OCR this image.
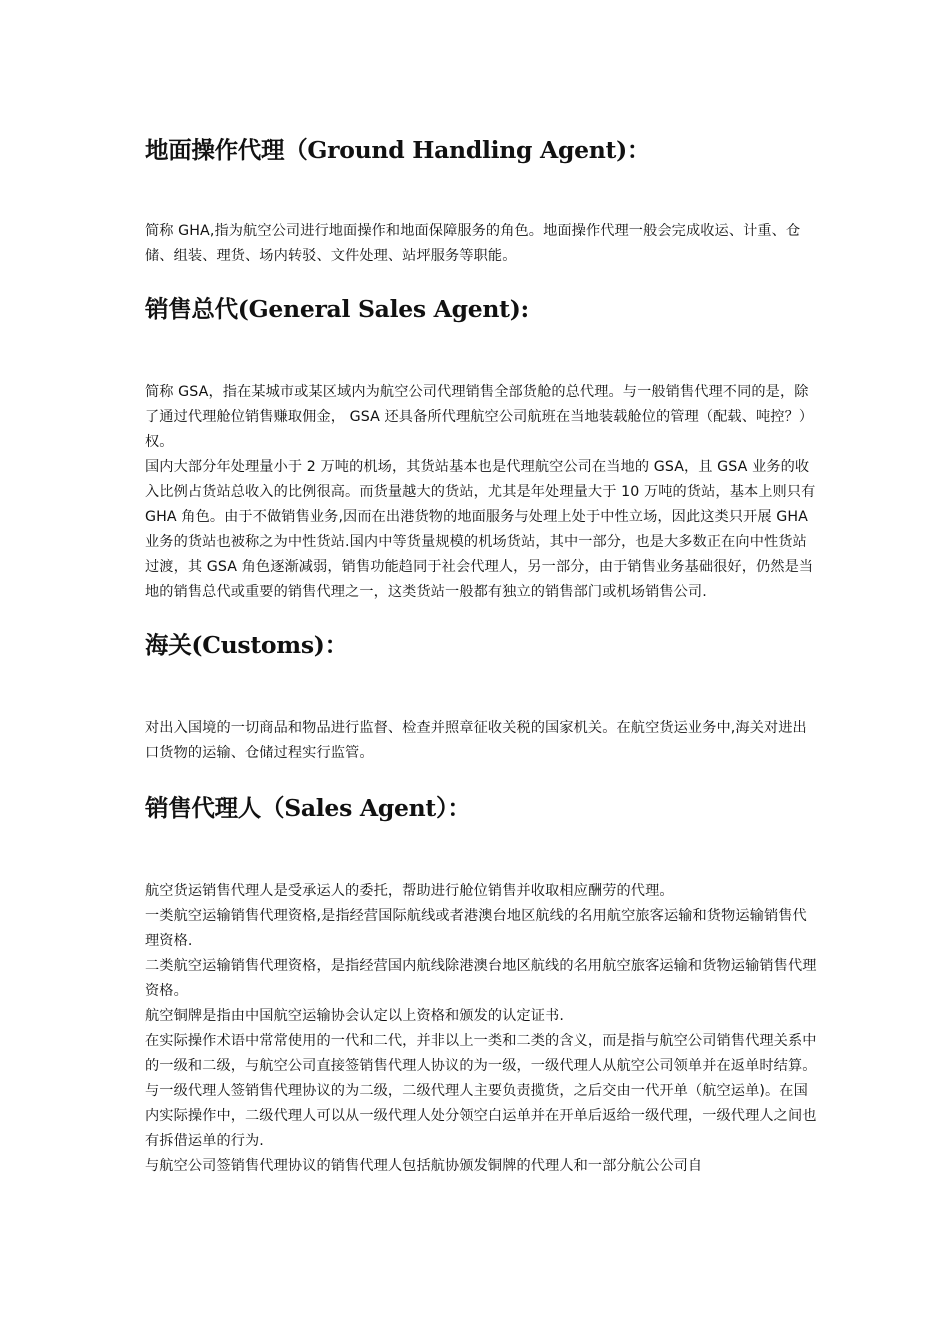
地面操作代理（Ground Handling Agent)：

简称 GHA,指为航空公司进行地面操作和地面保障服务的角色。地面操作代理一般会完成收运、计重、仓储、组装、理货、场内转驳、文件处理、站坪服务等职能。

销售总代(General Sales Agent):

简称 GSA，指在某城市或某区域内为航空公司代理销售全部货舱的总代理。与一般销售代理不同的是，除了通过代理舱位销售赚取佣金， GSA 还具备所代理航空公司航班在当地装载舱位的管理（配载、吨控？）权。

国内大部分年处理量小于 2 万吨的机场，其货站基本也是代理航空公司在当地的 GSA，且 GSA 业务的收入比例占货站总收入的比例很高。而货量越大的货站，尤其是年处理量大于 10 万吨的货站，基本上则只有 GHA 角色。由于不做销售业务,因而在出港货物的地面服务与处理上处于中性立场，因此这类只开展 GHA 业务的货站也被称之为中性货站.国内中等货量规模的机场货站，其中一部分，也是大多数正在向中性货站过渡，其 GSA 角色逐渐减弱，销售功能趋同于社会代理人，另一部分，由于销售业务基础很好，仍然是当地的销售总代或重要的销售代理之一，这类货站一般都有独立的销售部门或机场销售公司.

海关(Customs)：

对出入国境的一切商品和物品进行监督、检查并照章征收关税的国家机关。在航空货运业务中,海关对进出口货物的运输、仓储过程实行监管。

销售代理人（Sales Agent）：

航空货运销售代理人是受承运人的委托，帮助进行舱位销售并收取相应酬劳的代理。

一类航空运输销售代理资格,是指经营国际航线或者港澳台地区航线的名用航空旅客运输和货物运输销售代理资格.

二类航空运输销售代理资格，是指经营国内航线除港澳台地区航线的名用航空旅客运输和货物运输销售代理资格。

航空铜牌是指由中国航空运输协会认定以上资格和颁发的认定证书.

在实际操作术语中常常使用的一代和二代，并非以上一类和二类的含义，而是指与航空公司销售代理关系中的一级和二级，与航空公司直接签销售代理人协议的为一级，一级代理人从航空公司领单并在返单时结算。与一级代理人签销售代理协议的为二级，二级代理人主要负责揽货，之后交由一代开单（航空运单)。在国内实际操作中，二级代理人可以从一级代理人处分领空白运单并在开单后返给一级代理，一级代理人之间也有拆借运单的行为.

与航空公司签销售代理协议的销售代理人包括航协颁发铜牌的代理人和一部分航公公司自
